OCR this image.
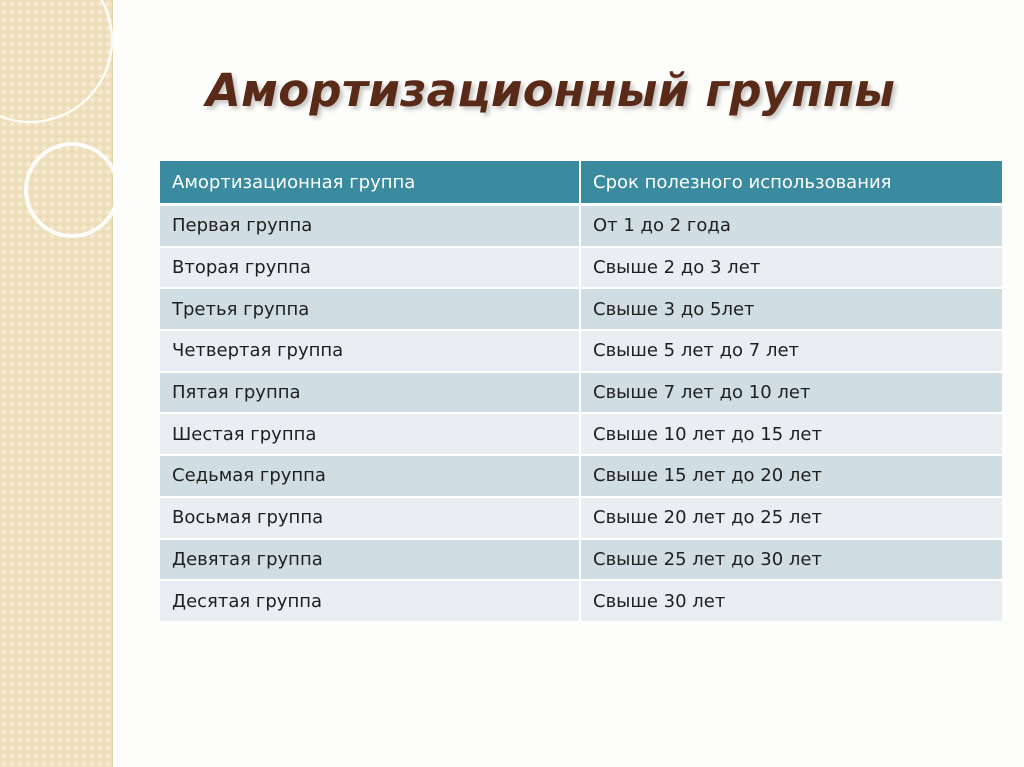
Амортизационный группы
Амортизационная группа	Срок полезного использования
Первая группа	От 1 до 2 года
Вторая группа	Свыше 2 до 3 лет
Третья группа	Свыше 3 до 5лет
Четвертая группа	Свыше 5 лет до 7 лет
Пятая группа	Свыше 7 лет до 10 лет
Шестая группа	Свыше 10 лет до 15 лет
Седьмая группа	Свыше 15 лет до 20 лет
Восьмая группа	Свыше 20 лет до 25 лет
Девятая группа	Свыше 25 лет до 30 лет
Десятая группа	Свыше 30 лет
